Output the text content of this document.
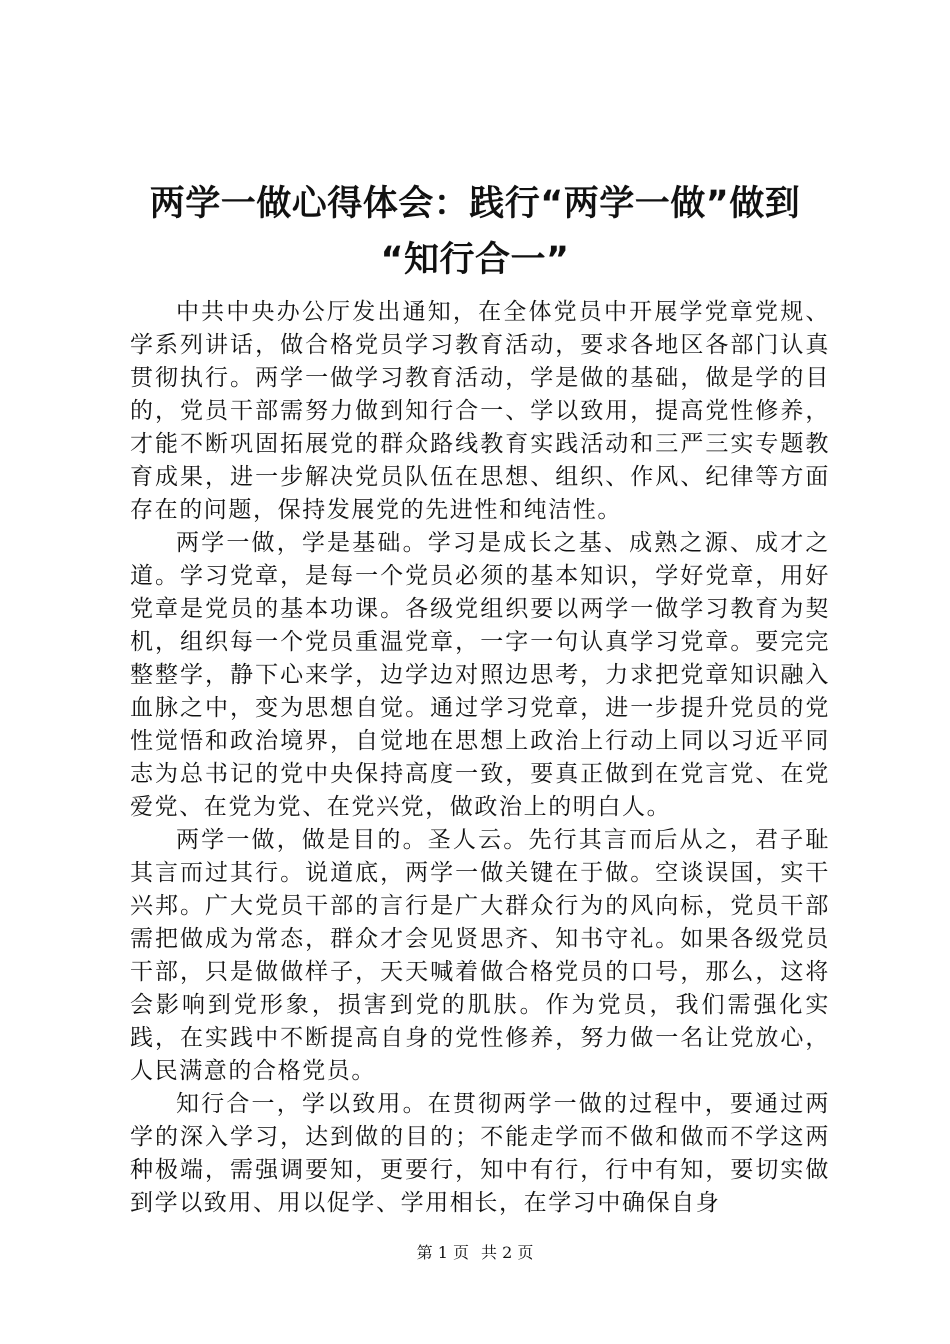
两学一做心得体会：践行“两学一做”做到
“知行合一”

中共中央办公厅发出通知，在全体党员中开展学党章党规、学系列讲话，做合格党员学习教育活动，要求各地区各部门认真贯彻执行。两学一做学习教育活动，学是做的基础，做是学的目的，党员干部需努力做到知行合一、学以致用，提高党性修养，才能不断巩固拓展党的群众路线教育实践活动和三严三实专题教育成果，进一步解决党员队伍在思想、组织、作风、纪律等方面存在的问题，保持发展党的先进性和纯洁性。

两学一做，学是基础。学习是成长之基、成熟之源、成才之道。学习党章，是每一个党员必须的基本知识，学好党章，用好党章是党员的基本功课。各级党组织要以两学一做学习教育为契机，组织每一个党员重温党章，一字一句认真学习党章。要完完整整学，静下心来学，边学边对照边思考，力求把党章知识融入血脉之中，变为思想自觉。通过学习党章，进一步提升党员的党性觉悟和政治境界，自觉地在思想上政治上行动上同以习近平同志为总书记的党中央保持高度一致，要真正做到在党言党、在党爱党、在党为党、在党兴党，做政治上的明白人。

两学一做，做是目的。圣人云。先行其言而后从之，君子耻其言而过其行。说道底，两学一做关键在于做。空谈误国，实干兴邦。广大党员干部的言行是广大群众行为的风向标，党员干部需把做成为常态，群众才会见贤思齐、知书守礼。如果各级党员干部，只是做做样子，天天喊着做合格党员的口号，那么，这将会影响到党形象，损害到党的肌肤。作为党员，我们需强化实践，在实践中不断提高自身的党性修养，努力做一名让党放心，人民满意的合格党员。

知行合一，学以致用。在贯彻两学一做的过程中，要通过两学的深入学习，达到做的目的；不能走学而不做和做而不学这两种极端，需强调要知，更要行，知中有行，行中有知，要切实做到学以致用、用以促学、学用相长，在学习中确保自身

第 1 页 共 2 页
